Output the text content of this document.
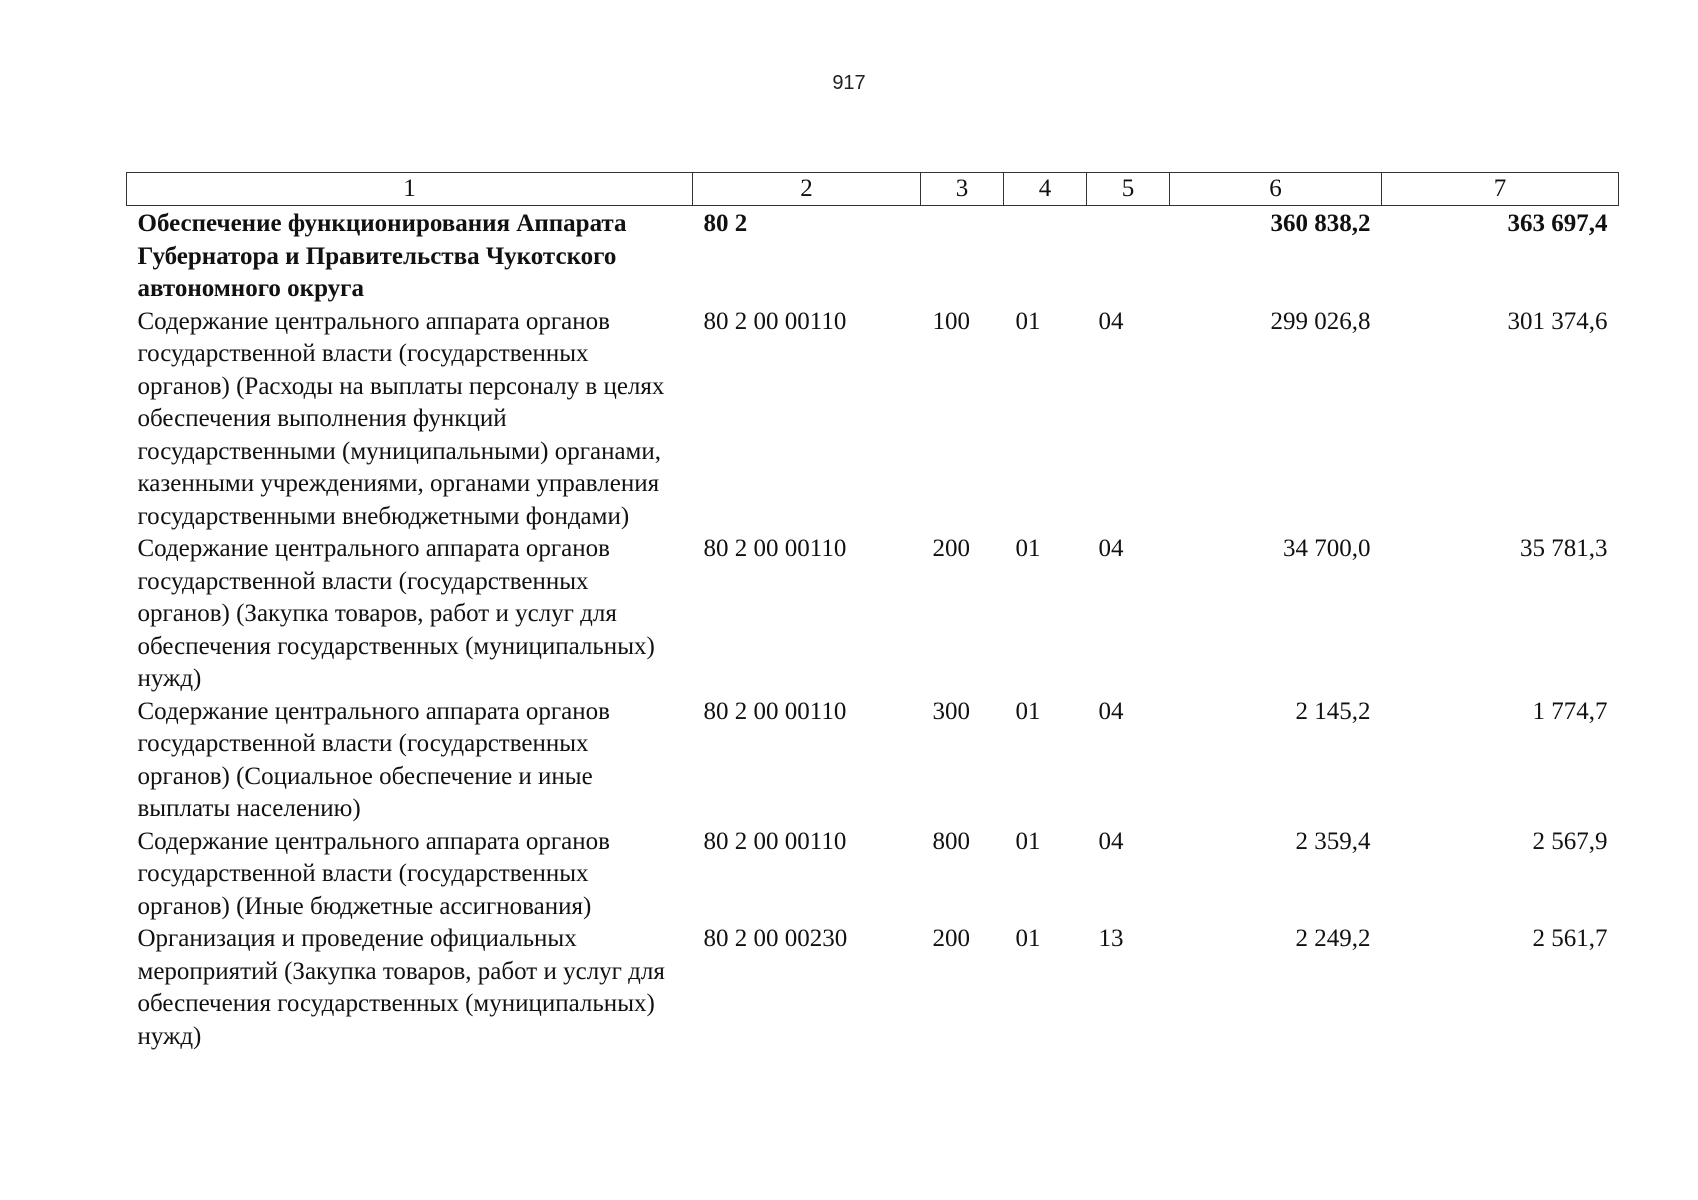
917
1	2	3	4	5	6	7
Обеспечение функционирования Аппарата Губернатора и Правительства Чукотского автономного округа	80 2				360 838,2	363 697,4
Содержание центрального аппарата органов государственной власти (государственных органов) (Расходы на выплаты персоналу в целях обеспечения выполнения функций государственными (муниципальными) органами, казенными учреждениями, органами управления государственными внебюджетными фондами)	80 2 00 00110	100	01	04	299 026,8	301 374,6
Содержание центрального аппарата органов государственной власти (государственных органов) (Закупка товаров, работ и услуг для обеспечения государственных (муниципальных) нужд)	80 2 00 00110	200	01	04	34 700,0	35 781,3
Содержание центрального аппарата органов государственной власти (государственных органов) (Социальное обеспечение и иные выплаты населению)	80 2 00 00110	300	01	04	2 145,2	1 774,7
Содержание центрального аппарата органов государственной власти (государственных органов) (Иные бюджетные ассигнования)	80 2 00 00110	800	01	04	2 359,4	2 567,9
Организация и проведение официальных мероприятий (Закупка товаров, работ и услуг для обеспечения государственных (муниципальных) нужд)	80 2 00 00230	200	01	13	2 249,2	2 561,7
